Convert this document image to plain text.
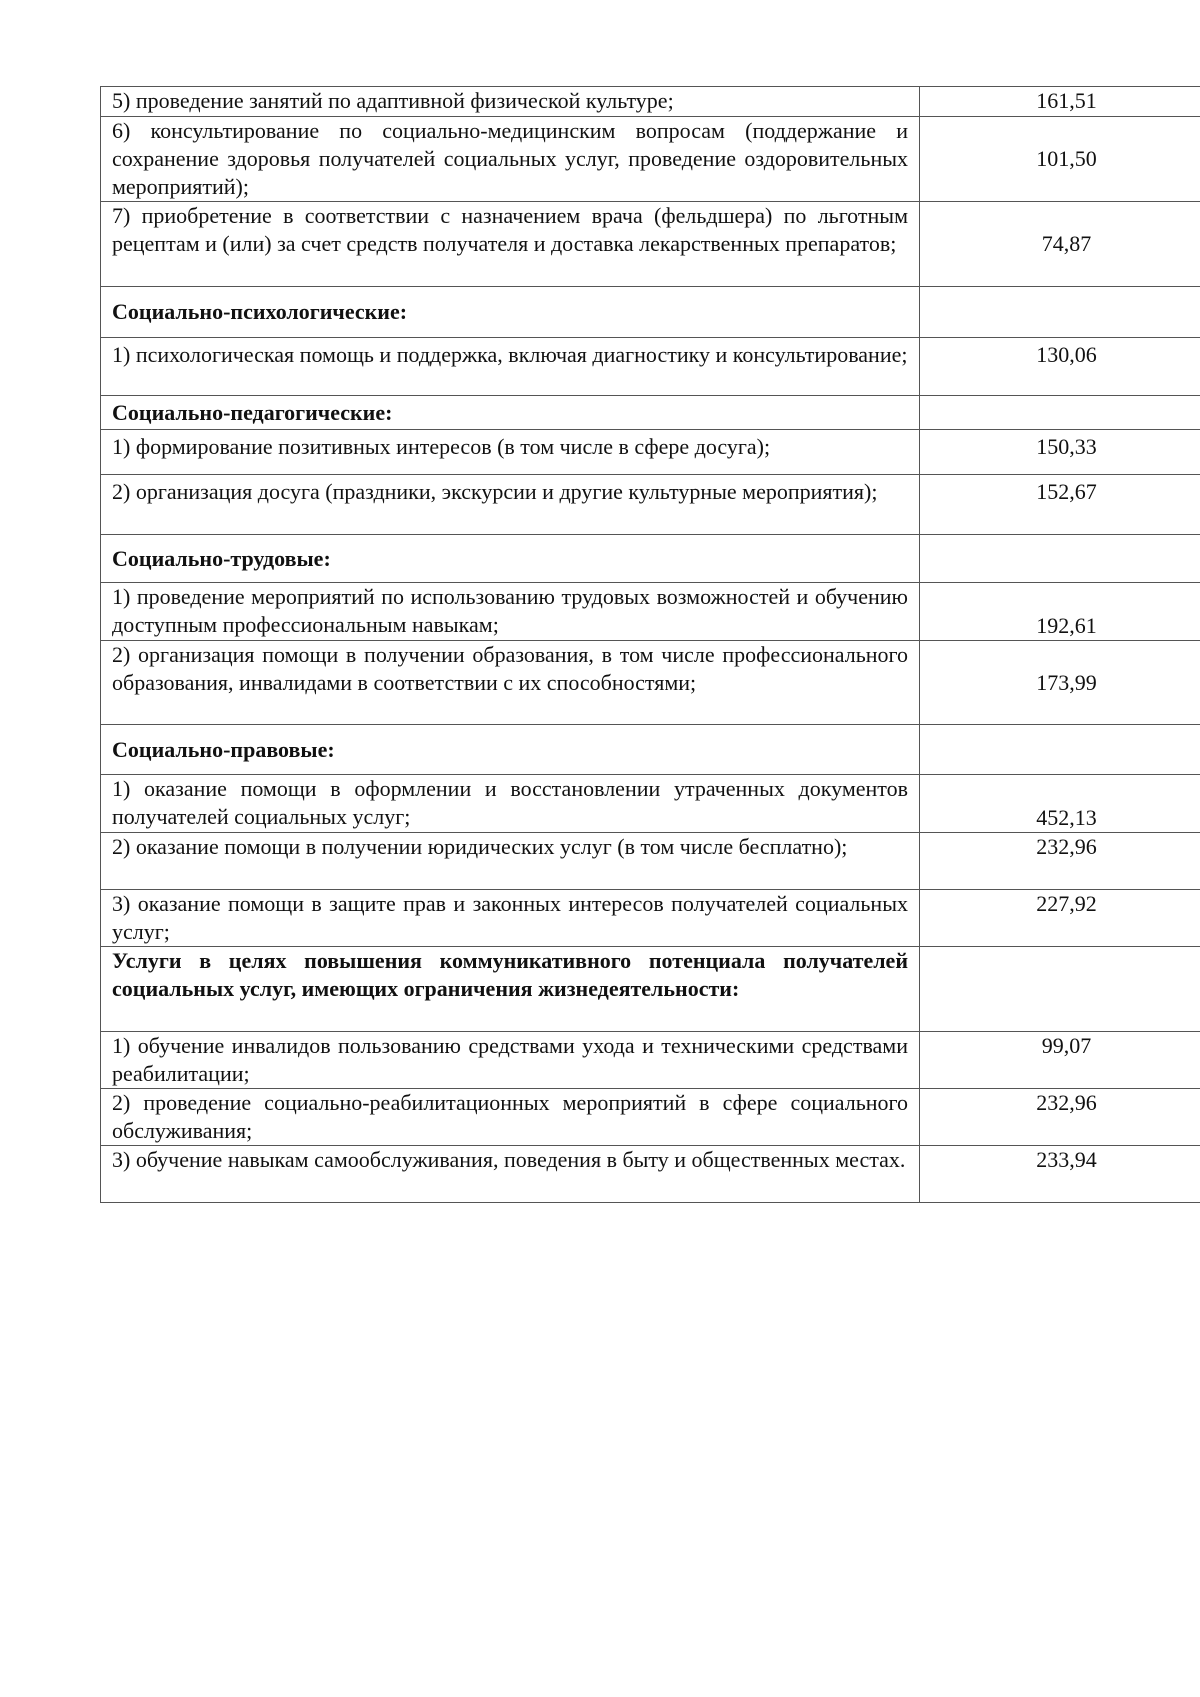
5) проведение занятий по адаптивной физической культуре;	161,51
6) консультирование по социально-медицинским вопросам (поддержание и сохранение здоровья получателей социальных услуг, проведение оздоровительных мероприятий);	101,50
7) приобретение в соответствии с назначением врача (фельдшера) по льготным рецептам и (или) за счет средств получателя и доставка лекарственных препаратов;	74,87
Социально-психологические:	
1) психологическая помощь и поддержка, включая диагностику и консультирование;	130,06
Социально-педагогические:	
1) формирование позитивных интересов (в том числе в сфере досуга);	150,33
2) организация досуга (праздники, экскурсии и другие культурные мероприятия);	152,67
Социально-трудовые:	
1) проведение мероприятий по использованию трудовых возможностей и обучению доступным профессиональным навыкам;	192,61
2) организация помощи в получении образования, в том числе профессионального образования, инвалидами в соответствии с их способностями;	173,99
Социально-правовые:	
1) оказание помощи в оформлении и восстановлении утраченных документов получателей социальных услуг;	452,13
2) оказание помощи в получении юридических услуг (в том числе бесплатно);	232,96
3) оказание помощи в защите прав и законных интересов получателей социальных услуг;	227,92
Услуги в целях повышения коммуникативного потенциала получателей социальных услуг, имеющих ограничения жизнедеятельности:	
1) обучение инвалидов пользованию средствами ухода и техническими средствами реабилитации;	99,07
2) проведение социально-реабилитационных мероприятий в сфере социального обслуживания;	232,96
3) обучение навыкам самообслуживания, поведения в быту и общественных местах.	233,94
